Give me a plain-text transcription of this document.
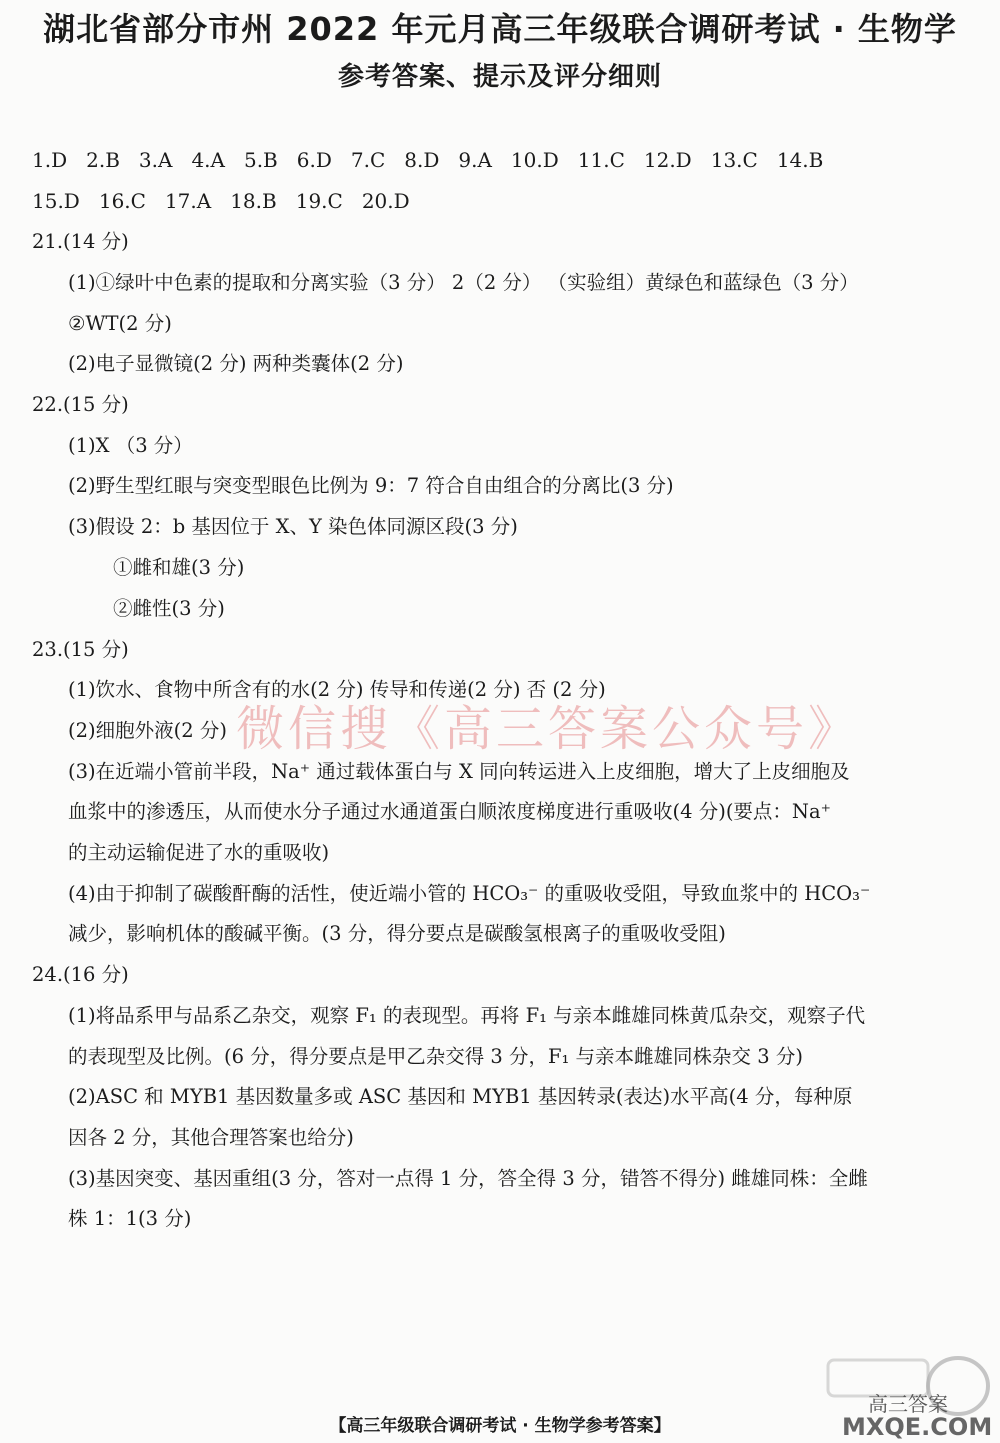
湖北省部分市州 2022 年元月高三年级联合调研考试 · 生物学
参考答案、提示及评分细则
1.D 2.B 3.A 4.A 5.B 6.D 7.C 8.D 9.A 10.D 11.C 12.D 13.C 14.B
15.D 16.C 17.A 18.B 19.C 20.D
21.(14 分)
(1)①绿叶中色素的提取和分离实验（3 分） 2（2 分） （实验组）黄绿色和蓝绿色（3 分）
②WT(2 分)
(2)电子显微镜(2 分) 两种类囊体(2 分)
22.(15 分)
(1)X （3 分）
(2)野生型红眼与突变型眼色比例为 9：7 符合自由组合的分离比(3 分)
(3)假设 2：b 基因位于 X、Y 染色体同源区段(3 分)
①雌和雄(3 分)
②雌性(3 分)
23.(15 分)
(1)饮水、食物中所含有的水(2 分) 传导和传递(2 分) 否 (2 分)
(2)细胞外液(2 分)
(3)在近端小管前半段，Na⁺ 通过载体蛋白与 X 同向转运进入上皮细胞，增大了上皮细胞及
血浆中的渗透压，从而使水分子通过水通道蛋白顺浓度梯度进行重吸收(4 分)(要点：Na⁺
的主动运输促进了水的重吸收)
(4)由于抑制了碳酸酐酶的活性，使近端小管的 HCO₃⁻ 的重吸收受阻，导致血浆中的 HCO₃⁻
减少，影响机体的酸碱平衡。(3 分，得分要点是碳酸氢根离子的重吸收受阻)
24.(16 分)
(1)将品系甲与品系乙杂交，观察 F₁ 的表现型。再将 F₁ 与亲本雌雄同株黄瓜杂交，观察子代
的表现型及比例。(6 分，得分要点是甲乙杂交得 3 分，F₁ 与亲本雌雄同株杂交 3 分)
(2)ASC 和 MYB1 基因数量多或 ASC 基因和 MYB1 基因转录(表达)水平高(4 分，每种原
因各 2 分，其他合理答案也给分)
(3)基因突变、基因重组(3 分，答对一点得 1 分，答全得 3 分，错答不得分) 雌雄同株：全雌
株 1：1(3 分)
微信搜《高三答案公众号》
高三答案
MXQE.COM
【高三年级联合调研考试 · 生物学参考答案】
